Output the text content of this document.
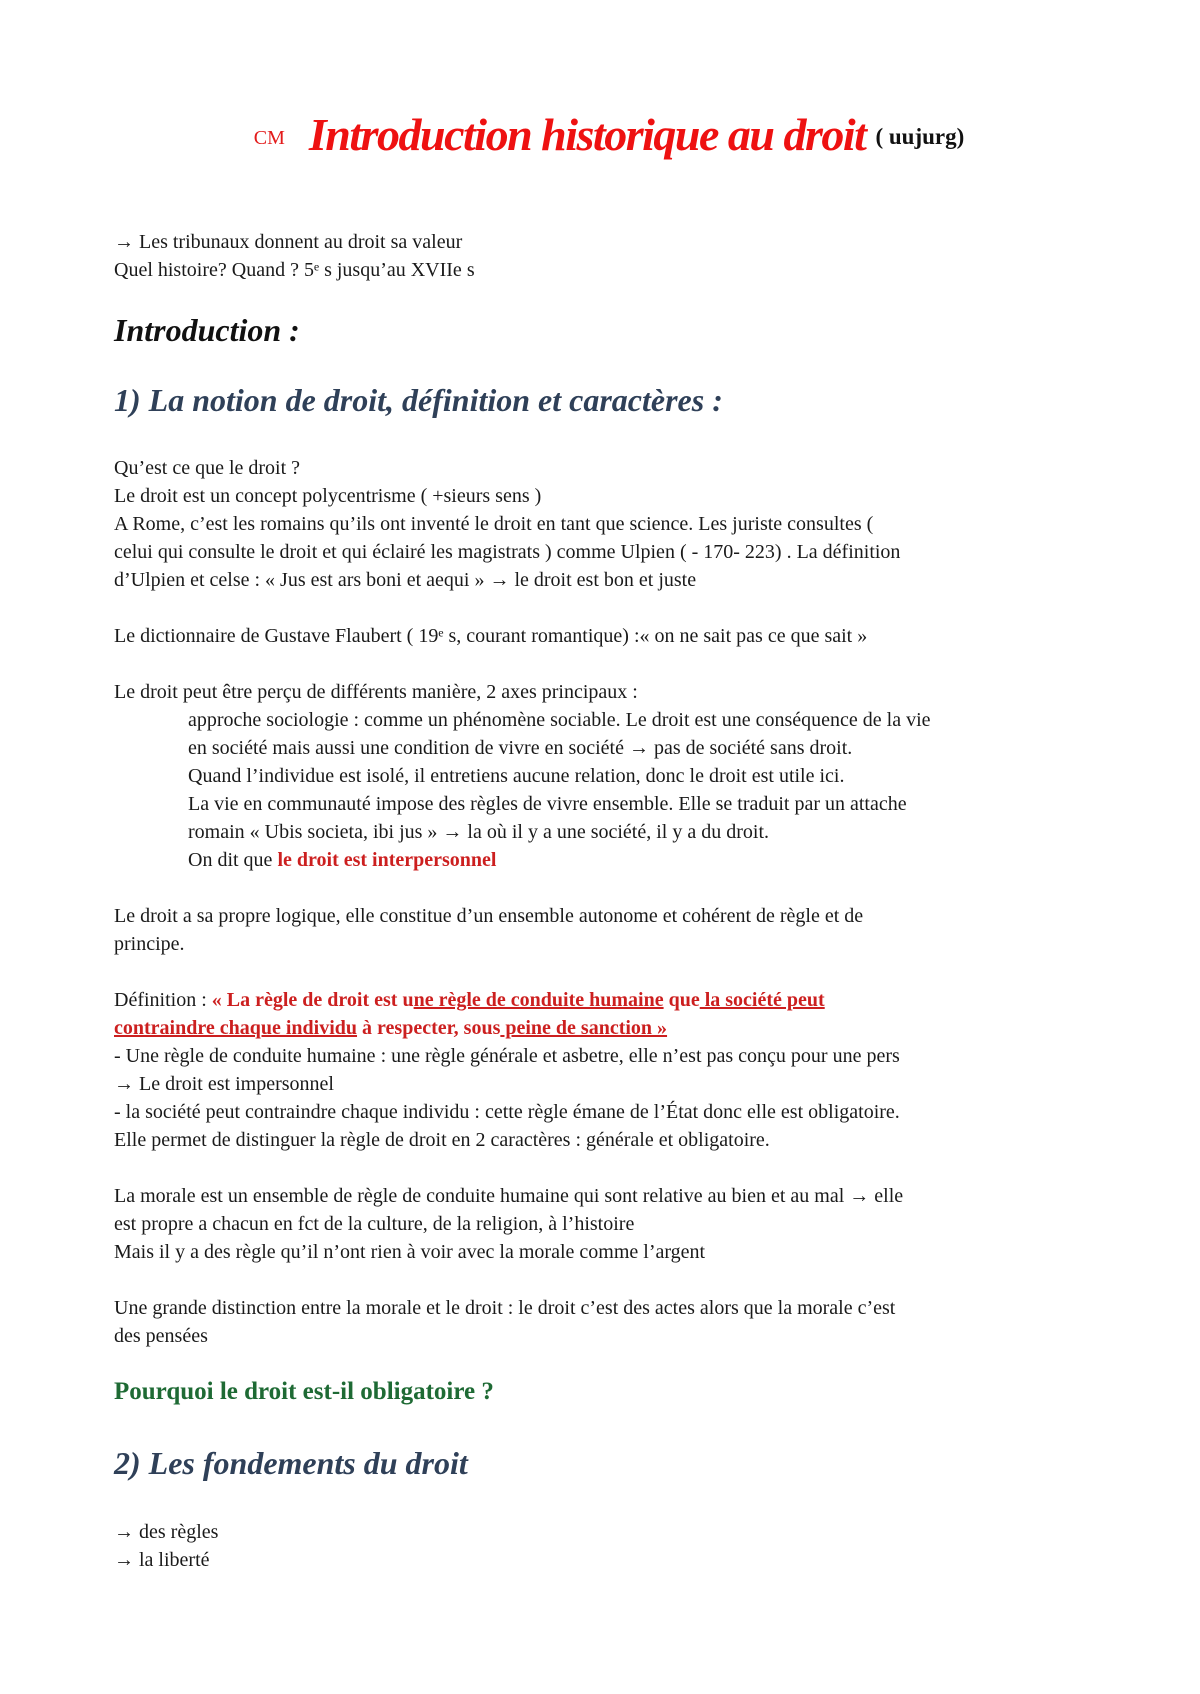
CM Introduction historique au droit ( uujurg)

→ Les tribunaux donnent au droit sa valeur

Quel histoire? Quand ? 5ᵉ s jusqu’au XVIIe s

Introduction :
1) La notion de droit, définition et caractères :

Qu’est ce que le droit ?

Le droit est un concept polycentrisme ( +sieurs sens )

A Rome, c’est les romains qu’ils ont inventé le droit en tant que science. Les juriste consultes (

celui qui consulte le droit et qui éclairé les magistrats ) comme Ulpien ( - 170- 223) . La définition

d’Ulpien et celse : « Jus est ars boni et aequi » → le droit est bon et juste

Le dictionnaire de Gustave Flaubert ( 19ᵉ s, courant romantique) :« on ne sait pas ce que sait »

Le droit peut être perçu de différents manière, 2 axes principaux :

approche sociologie : comme un phénomène sociable. Le droit est une conséquence de la vie

en société mais aussi une condition de vivre en société → pas de société sans droit.

Quand l’individue est isolé, il entretiens aucune relation, donc le droit est utile ici.

La vie en communauté impose des règles de vivre ensemble. Elle se traduit par un attache

romain « Ubis societa, ibi jus » → la où il y a une société, il y a du droit.

On dit que le droit est interpersonnel

Le droit a sa propre logique, elle constitue d’un ensemble autonome et cohérent de règle et de

principe.

Définition : « La règle de droit est une règle de conduite humaine que la société peut

contraindre chaque individu à respecter, sous peine de sanction »

- Une règle de conduite humaine : une règle générale et asbetre, elle n’est pas conçu pour une pers

→ Le droit est impersonnel

- la société peut contraindre chaque individu : cette règle émane de l’État donc elle est obligatoire.

Elle permet de distinguer la règle de droit en 2 caractères : générale et obligatoire.

La morale est un ensemble de règle de conduite humaine qui sont relative au bien et au mal → elle

est propre a chacun en fct de la culture, de la religion, à l’histoire

Mais il y a des règle qu’il n’ont rien à voir avec la morale comme l’argent

Une grande distinction entre la morale et le droit : le droit c’est des actes alors que la morale c’est

des pensées

Pourquoi le droit est-il obligatoire ?
2) Les fondements du droit

→ des règles

→ la liberté
